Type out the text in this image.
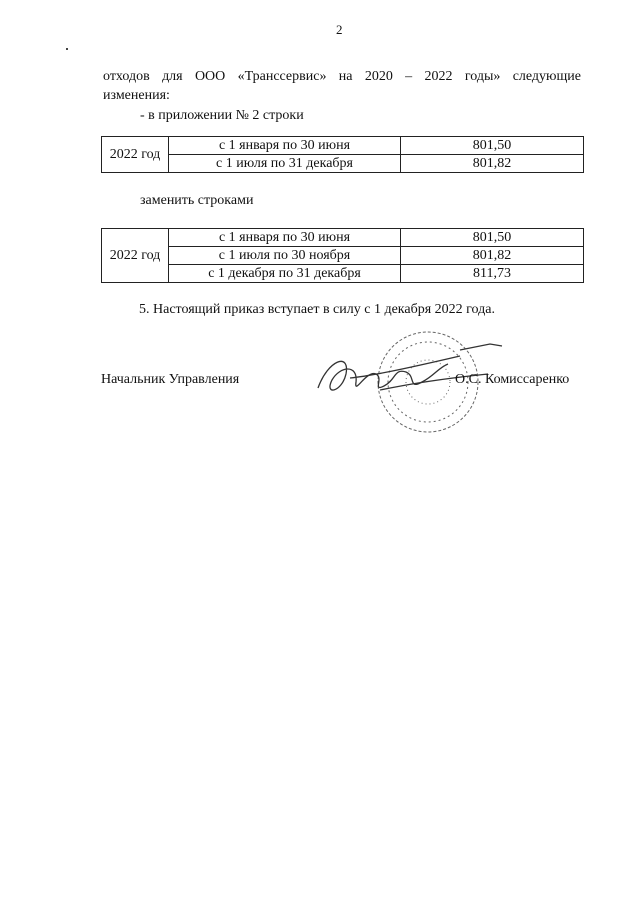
2
отходов для ООО «Транссервис» на 2020 – 2022 годы» следующие
изменения:
- в приложении № 2 строки
2022 год	с 1 января по 30 июня	801,50
	с 1 июля по 31 декабря	801,82
заменить строками
2022 год	с 1 января по 30 июня	801,50
	с 1 июля по 30 ноября	801,82
	с 1 декабря по 31 декабря	811,73
5. Настоящий приказ вступает в силу с 1 декабря 2022 года.
Начальник Управления	О.С. Комиссаренко
